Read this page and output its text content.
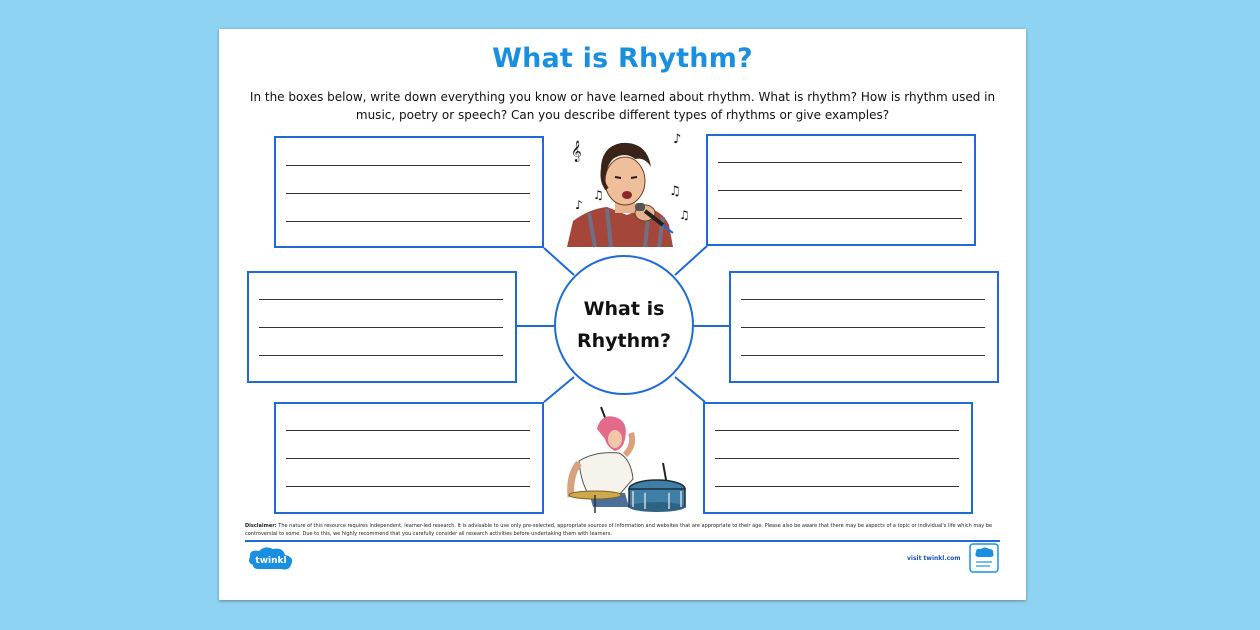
What is Rhythm?
In the boxes below, write down everything you know or have learned about rhythm. What is rhythm? How is rhythm used in music, poetry or speech? Can you describe different types of rhythms or give examples?
What is
Rhythm?
𝄞
♪
♪
♫	♫
♫
Disclaimer: The nature of this resource requires independent, learner-led research. It is advisable to use only pre-selected, appropriate sources of information and websites that are appropriate to their age. Please also be aware that there may be aspects of a topic or individual's life which may be controversial to some. Due to this, we highly recommend that you carefully consider all research activities before undertaking them with learners.
twinkl	visit twinkl.com
